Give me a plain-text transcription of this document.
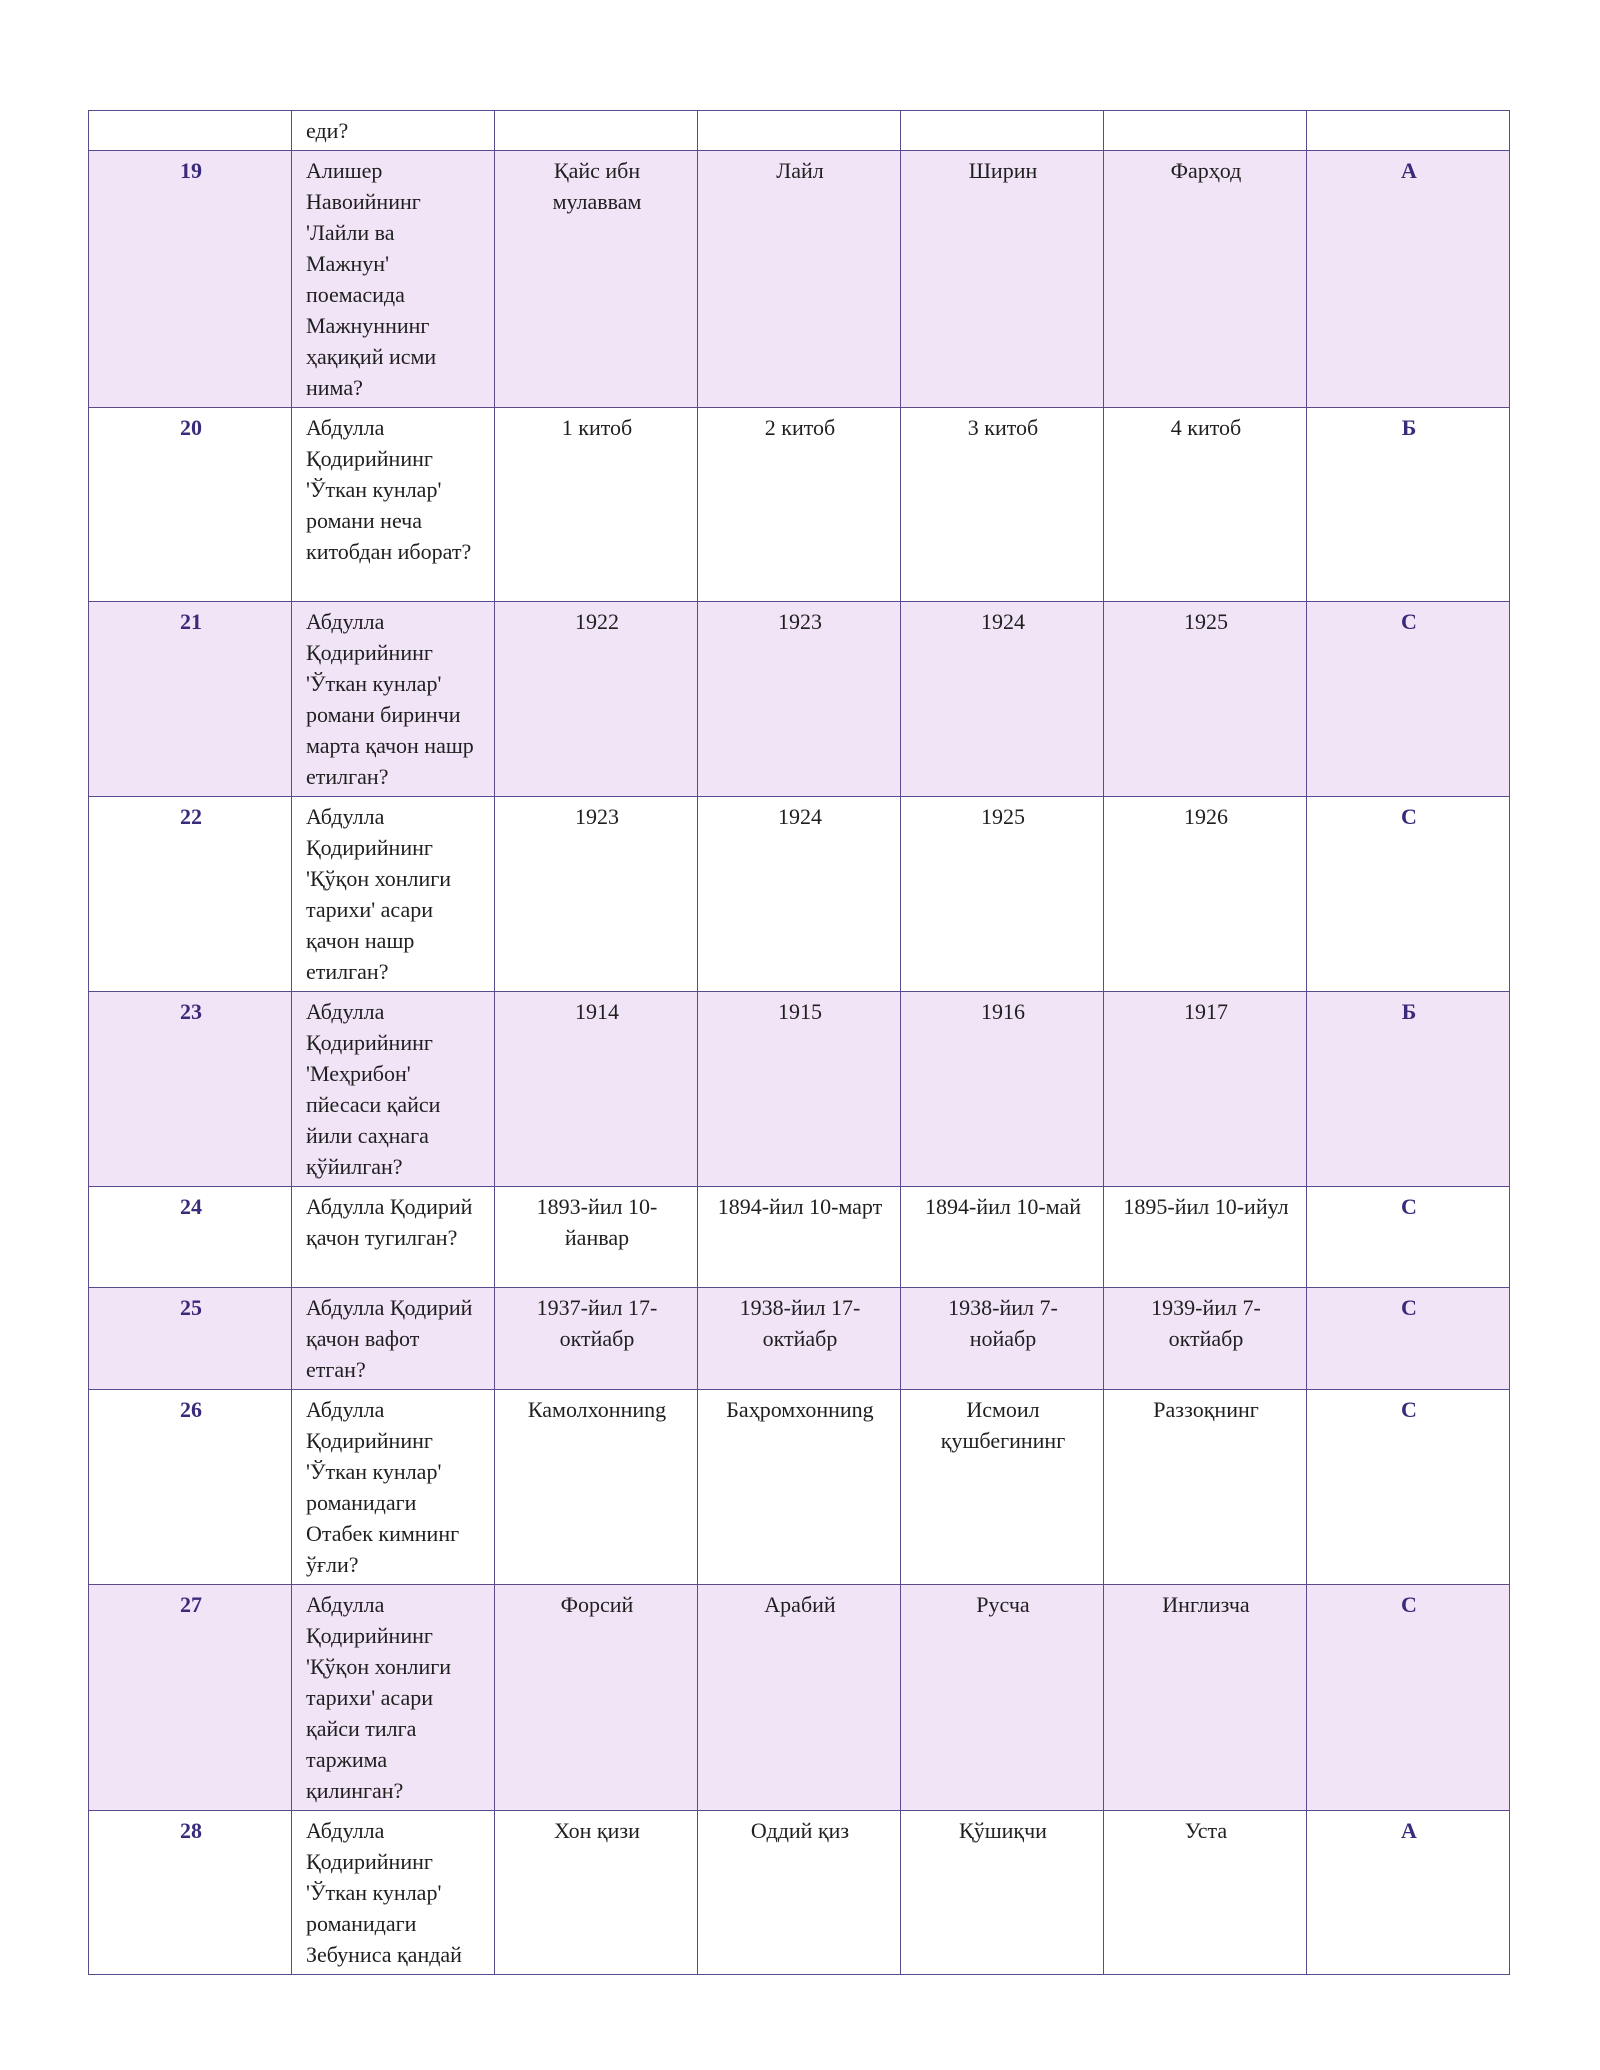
	еди?					
19	Алишер Навоийнинг 'Лайли ва Мажнун' поемасида Мажнуннинг ҳақиқий исми нима?	Қайс ибн мулаввам	Лайл	Ширин	Фарҳод	А
20	Абдулла Қодирийнинг 'Ўткан кунлар' романи неча китобдан иборат?	1 китоб	2 китоб	3 китоб	4 китоб	Б
21	Абдулла Қодирийнинг 'Ўткан кунлар' романи биринчи марта қачон нашр етилган?	1922	1923	1924	1925	С
22	Абдулла Қодирийнинг 'Қўқон хонлиги тарихи' асари қачон нашр етилган?	1923	1924	1925	1926	С
23	Абдулла Қодирийнинг 'Меҳрибон' пйесаси қайси йили саҳнага қўйилган?	1914	1915	1916	1917	Б
24	Абдулла Қодирий қачон тугилган?	1893-йил 10-йанвар	1894-йил 10-март	1894-йил 10-май	1895-йил 10-ийул	С
25	Абдулла Қодирий қачон вафот етган?	1937-йил 17-октйабр	1938-йил 17-октйабр	1938-йил 7-нойабр	1939-йил 7-октйабр	С
26	Абдулла Қодирийнинг 'Ўткан кунлар' романидаги Отабек кимнинг ўғли?	Камолхонниng	Баҳромхонниng	Исмоил қушбегининг	Раззоқнинг	С
27	Абдулла Қодирийнинг 'Қўқон хонлиги тарихи' асари қайси тилга таржима қилинган?	Форсий	Арабий	Русча	Инглизча	С
28	Абдулла Қодирийнинг 'Ўткан кунлар' романидаги Зебуниса қандай	Хон қизи	Оддий қиз	Қўшиқчи	Уста	А
